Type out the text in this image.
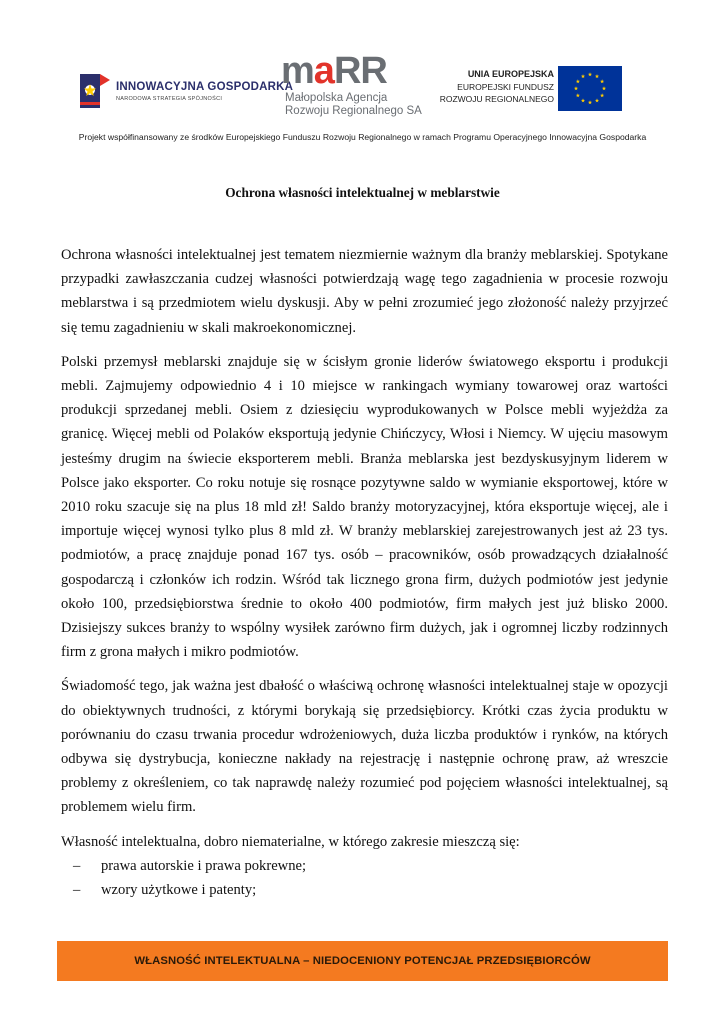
INNOWACYJNA GOSPODARKA
NARODOWA STRATEGIA SPÓJNOŚCI
maRR
Małopolska Agencja
Rozwoju Regionalnego SA
UNIA EUROPEJSKA
EUROPEJSKI FUNDUSZ
ROZWOJU REGIONALNEGO
Projekt współfinansowany ze środków Europejskiego Funduszu Rozwoju Regionalnego w ramach Programu Operacyjnego Innowacyjna Gospodarka
Ochrona własności intelektualnej w meblarstwie

Ochrona własności intelektualnej jest tematem niezmiernie ważnym dla branży meblarskiej. Spotykane przypadki zawłaszczania cudzej własności potwierdzają wagę tego zagadnienia w procesie rozwoju meblarstwa i są przedmiotem wielu dyskusji. Aby w pełni zrozumieć jego złożoność należy przyjrzeć się temu zagadnieniu w skali makroekonomicznej.

Polski przemysł meblarski znajduje się w ścisłym gronie liderów światowego eksportu i produkcji mebli. Zajmujemy odpowiednio 4 i 10 miejsce w rankingach wymiany towarowej oraz wartości produkcji sprzedanej mebli. Osiem z dziesięciu wyprodukowanych w Polsce mebli wyjeżdża za granicę. Więcej mebli od Polaków eksportują jedynie Chińczycy, Włosi i Niemcy. W ujęciu masowym jesteśmy drugim na świecie eksporterem mebli. Branża meblarska jest bezdyskusyjnym liderem w Polsce jako eksporter. Co roku notuje się rosnące pozytywne saldo w wymianie eksportowej, które w 2010 roku szacuje się na plus 18 mld zł! Saldo branży motoryzacyjnej, która eksportuje więcej, ale i importuje więcej wynosi tylko plus 8 mld zł. W branży meblarskiej zarejestrowanych jest aż 23 tys. podmiotów, a pracę znajduje ponad 167 tys. osób – pracowników, osób prowadzących działalność gospodarczą i członków ich rodzin. Wśród tak licznego grona firm, dużych podmiotów jest jedynie około 100, przedsiębiorstwa średnie to około 400 podmiotów, firm małych jest już blisko 2000. Dzisiejszy sukces branży to wspólny wysiłek zarówno firm dużych, jak i ogromnej liczby rodzinnych firm z grona małych i mikro podmiotów.

Świadomość tego, jak ważna jest dbałość o właściwą ochronę własności intelektualnej staje w opozycji do obiektywnych trudności, z którymi borykają się przedsiębiorcy. Krótki czas życia produktu w porównaniu do czasu trwania procedur wdrożeniowych, duża liczba produktów i rynków, na których odbywa się dystrybucja, konieczne nakłady na rejestrację i następnie ochronę praw, aż wreszcie problemy z określeniem, co tak naprawdę należy rozumieć pod pojęciem własności intelektualnej, są problemem wielu firm.

Własność intelektualna, dobro niematerialne, w którego zakresie mieszczą się:

– prawa autorskie i prawa pokrewne;
– wzory użytkowe i patenty;
WŁASNOŚĆ INTELEKTUALNA – NIEDOCENIONY POTENCJAŁ PRZEDSIĘBIORCÓW
